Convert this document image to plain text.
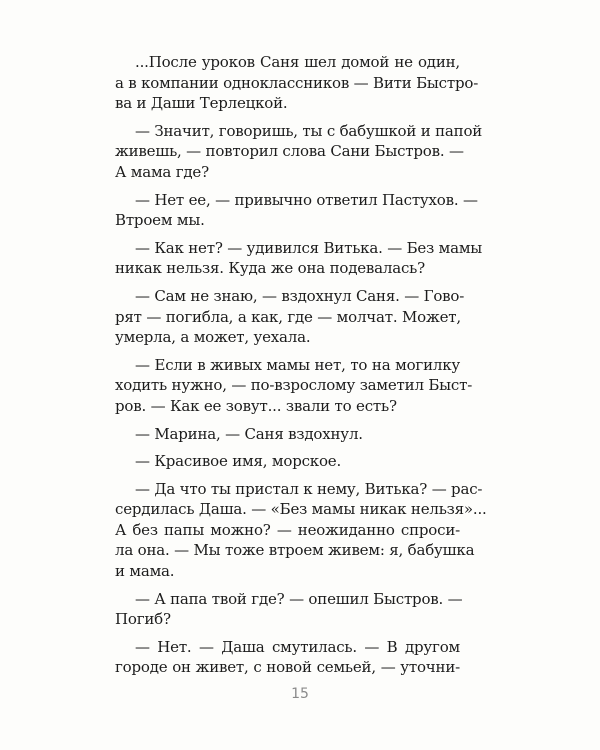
...После уроков Саня шел домой не один,
а в компании одноклассников — Вити Быстро-
ва и Даши Терлецкой.
— Значит, говоришь, ты с бабушкой и папой
живешь, — повторил слова Сани Быстров. —
А мама где?
— Нет ее, — привычно ответил Пастухов. —
Втроем мы.
— Как нет? — удивился Витька. — Без мамы
никак нельзя. Куда же она подевалась?
— Сам не знаю, — вздохнул Саня. — Гово-
рят — погибла, а как, где — молчат. Может,
умерла, а может, уехала.
— Если в живых мамы нет, то на могилку
ходить нужно, — по-взрослому заметил Быст-
ров. — Как ее зовут... звали то есть?
— Марина, — Саня вздохнул.
— Красивое имя, морское.
— Да что ты пристал к нему, Витька? — рас-
сердилась Даша. — «Без мамы никак нельзя»...
А без папы можно? — неожиданно спроси-
ла она. — Мы тоже втроем живем: я, бабушка
и мама.
— А папа твой где? — опешил Быстров. —
Погиб?
— Нет. — Даша смутилась. — В другом
городе он живет, с новой семьей, — уточни-
15
